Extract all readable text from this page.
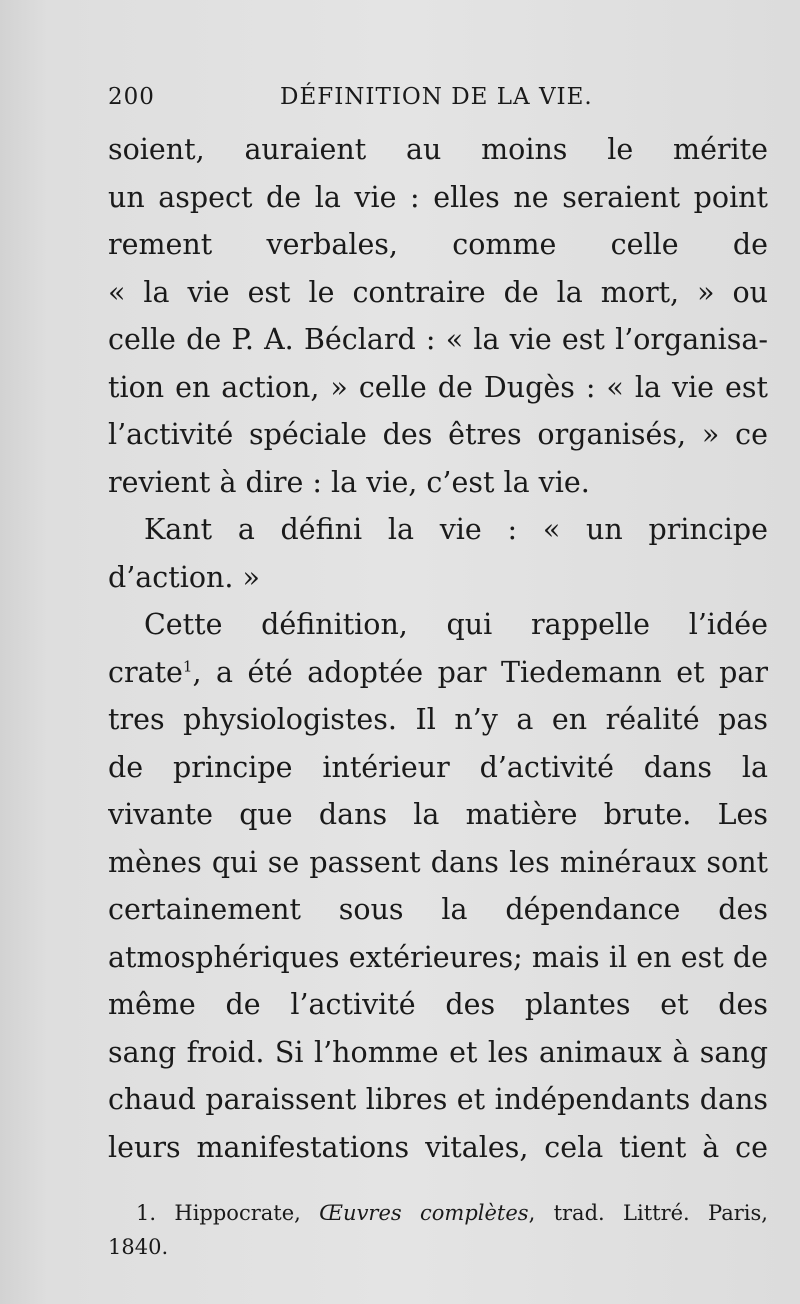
200	DÉFINITION DE LA VIE.
soient, auraient au moins le mérite
un aspect de la vie : elles ne seraient point
rement verbales, comme celle de
« la vie est le contraire de la mort, » ou
celle de P. A. Béclard : « la vie est l’organisa-
tion en action, » celle de Dugès : « la vie est
l’activité spéciale des êtres organisés, » ce
revient à dire : la vie, c’est la vie.
Kant a défini la vie : « un principe
d’action. »
Cette définition, qui rappelle l’idée
crate$^1$, a été adoptée par Tiedemann et par
tres physiologistes. Il n’y a en réalité pas
de principe intérieur d’activité dans la
vivante que dans la matière brute. Les
mènes qui se passent dans les minéraux sont
certainement sous la dépendance des
atmosphériques extérieures; mais il en est de
même de l’activité des plantes et des
sang froid. Si l’homme et les animaux à sang
chaud paraissent libres et indépendants dans
leurs manifestations vitales, cela tient à ce
1. Hippocrate, Œuvres complètes, trad. Littré. Paris,
1840.
